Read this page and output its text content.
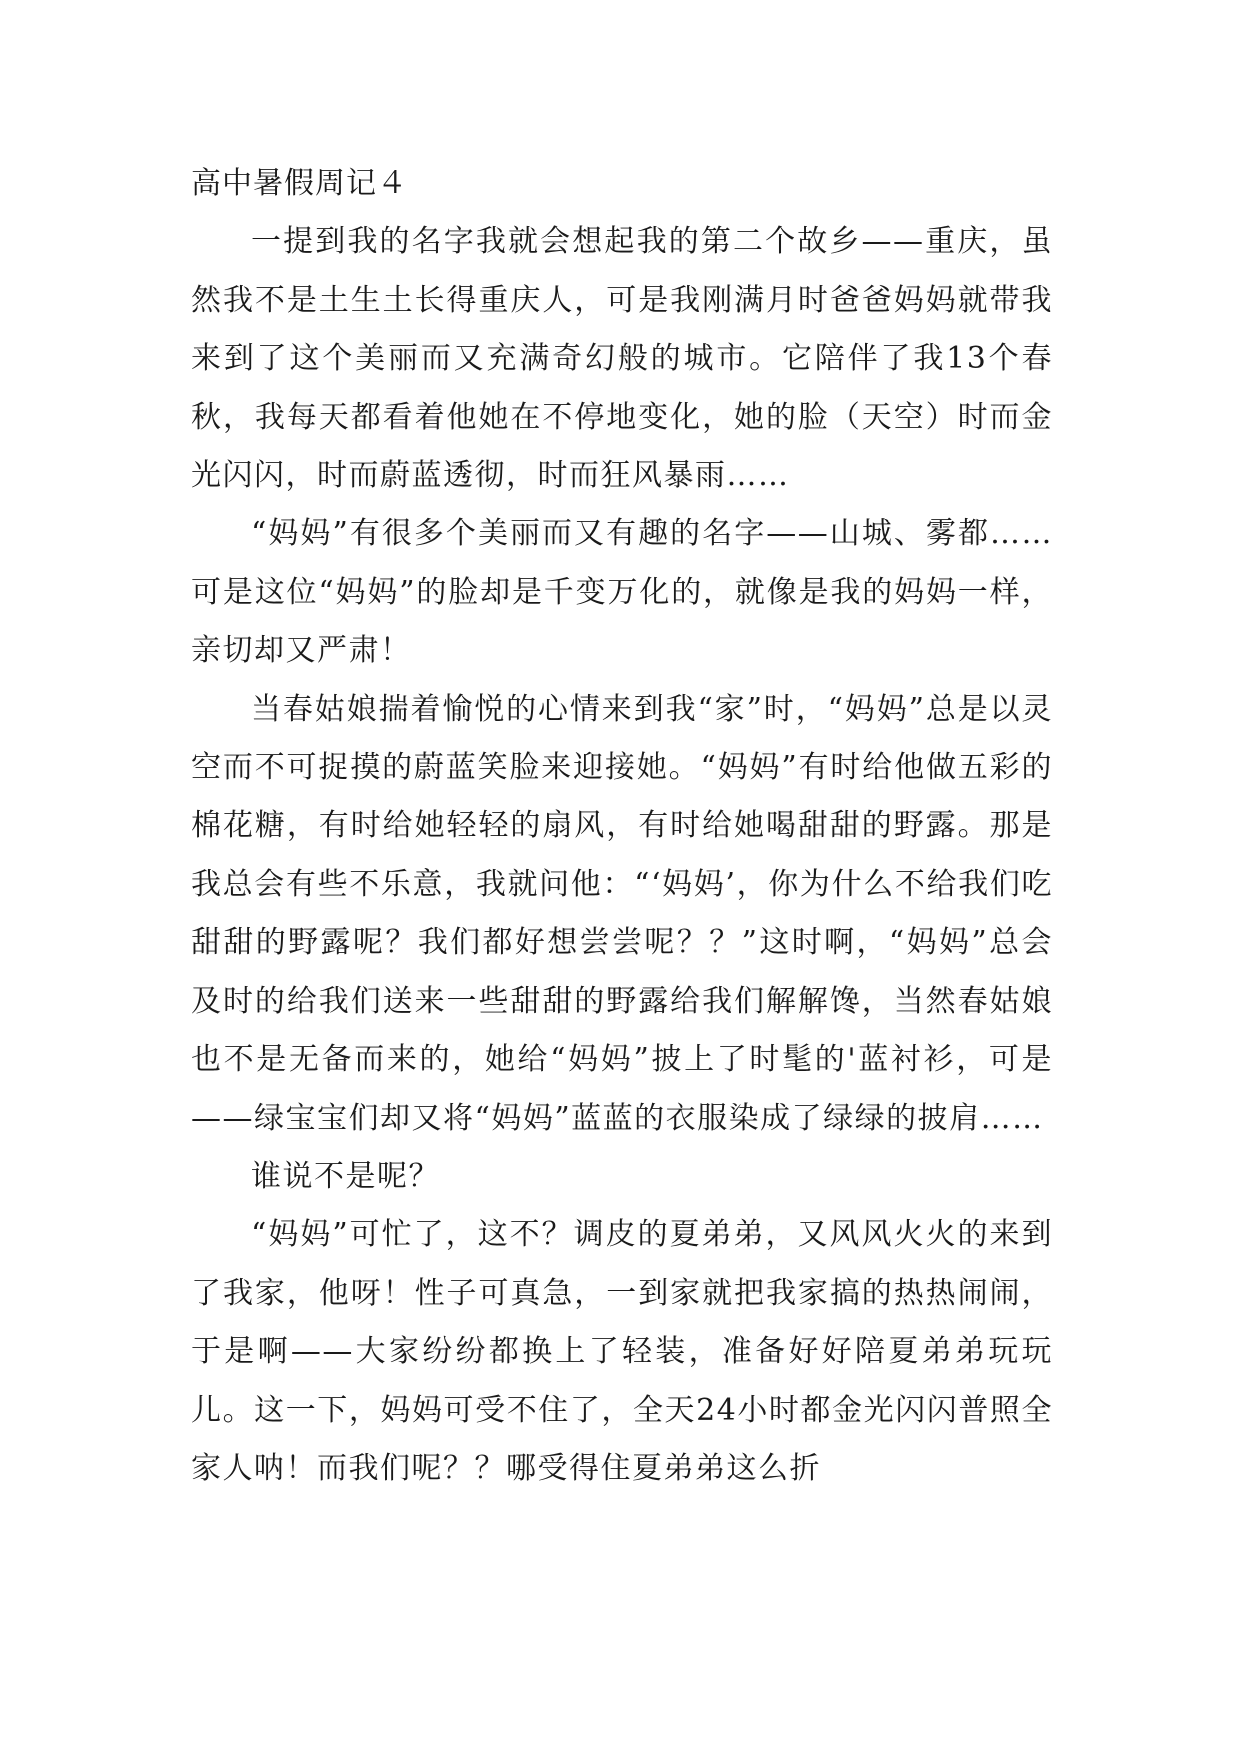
高中暑假周记４

一提到我的名字我就会想起我的第二个故乡——重庆，虽然我不是土生土长得重庆人，可是我刚满月时爸爸妈妈就带我来到了这个美丽而又充满奇幻般的城市。它陪伴了我13个春秋，我每天都看着他她在不停地变化，她的脸（天空）时而金光闪闪，时而蔚蓝透彻，时而狂风暴雨……

“妈妈”有很多个美丽而又有趣的名字——山城、雾都……可是这位“妈妈”的脸却是千变万化的，就像是我的妈妈一样，亲切却又严肃！

当春姑娘揣着愉悦的心情来到我“家”时，“妈妈”总是以灵空而不可捉摸的蔚蓝笑脸来迎接她。“妈妈”有时给他做五彩的棉花糖，有时给她轻轻的扇风，有时给她喝甜甜的野露。那是我总会有些不乐意，我就问他：“‘妈妈’，你为什么不给我们吃甜甜的野露呢？我们都好想尝尝呢？？”这时啊，“妈妈”总会及时的给我们送来一些甜甜的野露给我们解解馋，当然春姑娘也不是无备而来的，她给“妈妈”披上了时髦的'蓝衬衫，可是——绿宝宝们却又将“妈妈”蓝蓝的衣服染成了绿绿的披肩……

谁说不是呢？

“妈妈”可忙了，这不？调皮的夏弟弟，又风风火火的来到了我家，他呀！性子可真急，一到家就把我家搞的热热闹闹，于是啊——大家纷纷都换上了轻装，准备好好陪夏弟弟玩玩儿。这一下，妈妈可受不住了，全天24小时都金光闪闪普照全家人呐！而我们呢？？哪受得住夏弟弟这么折
